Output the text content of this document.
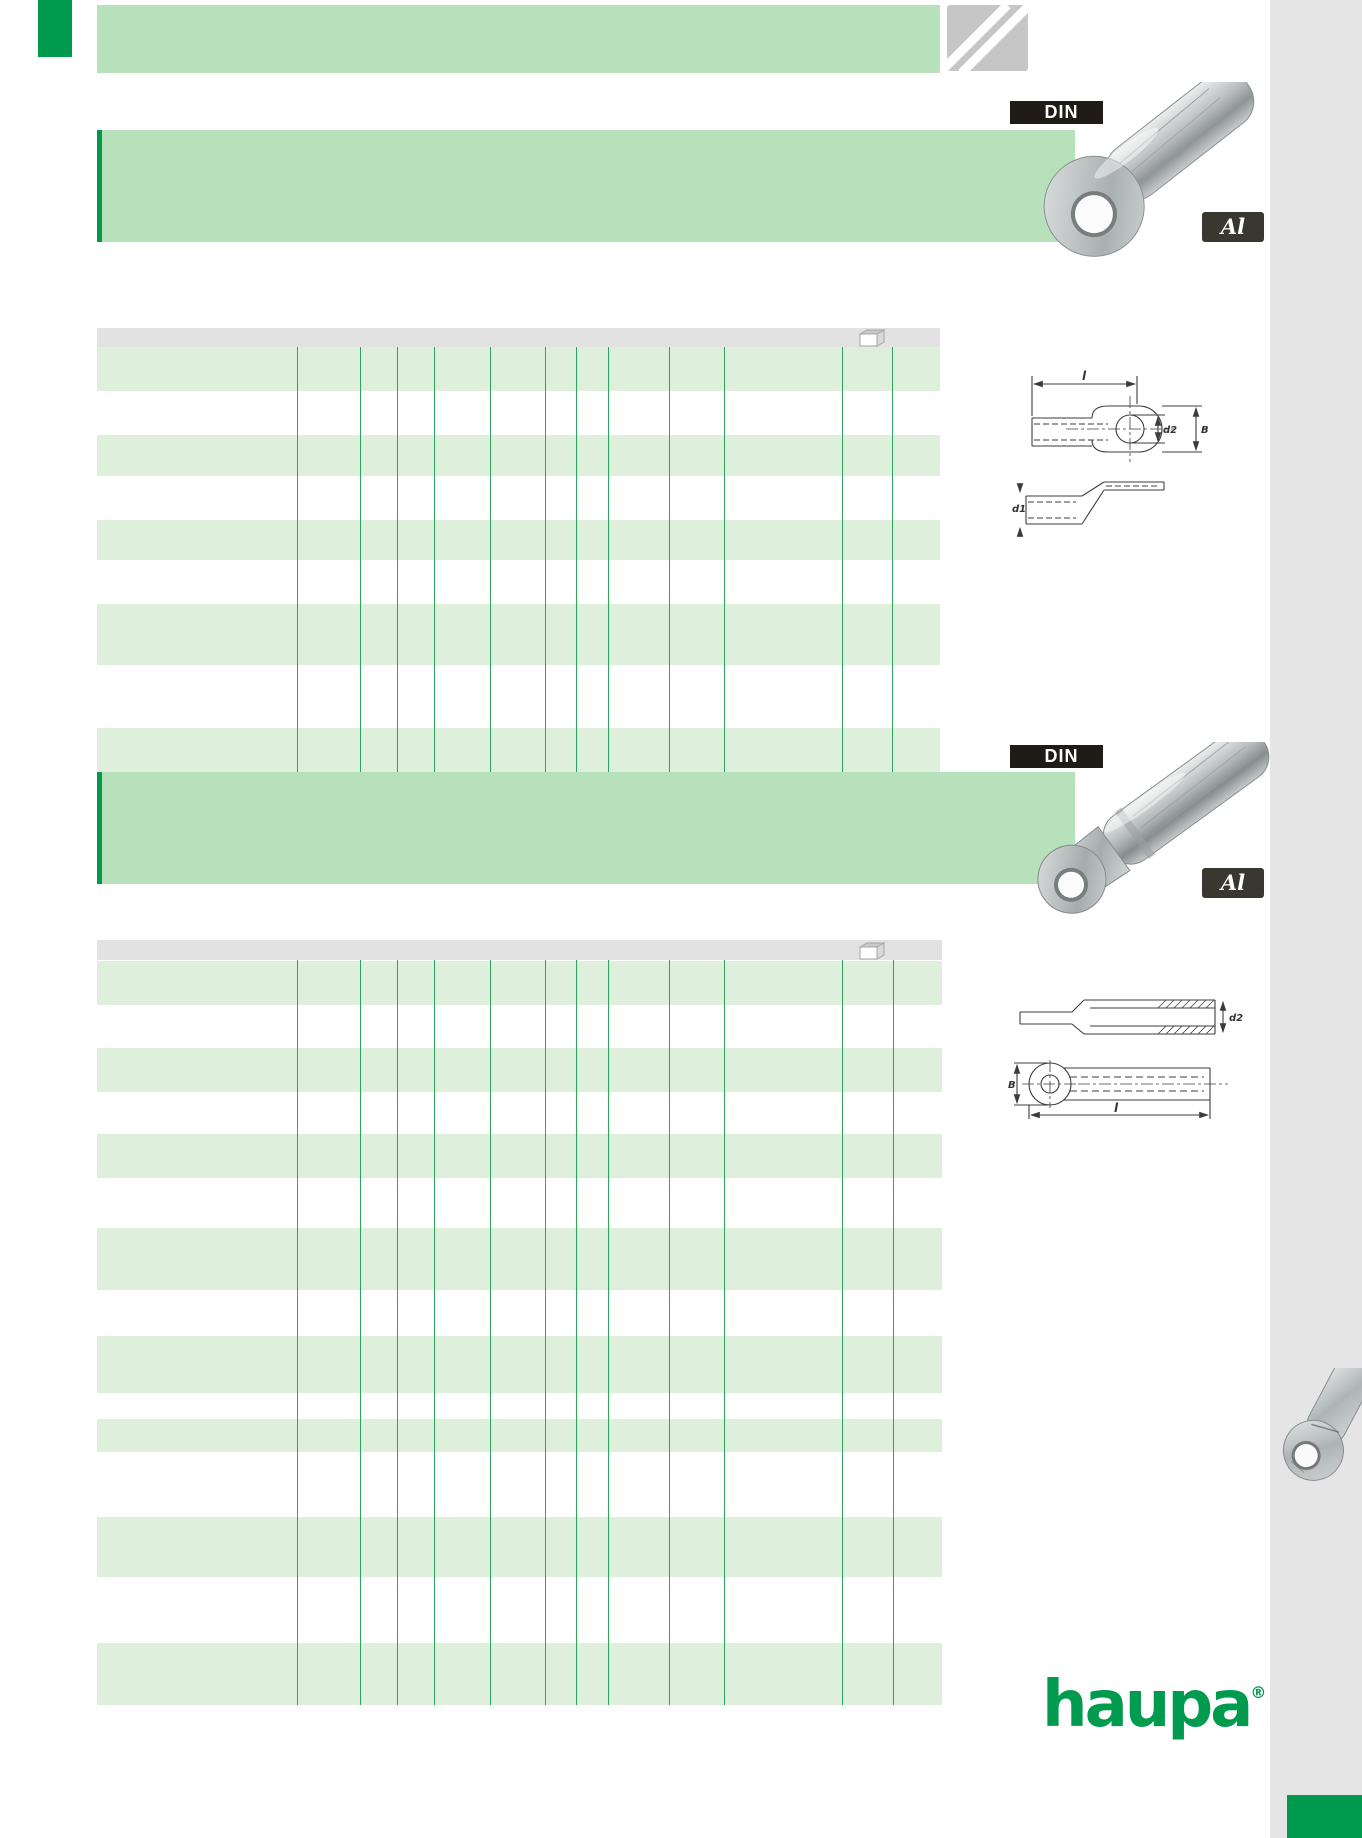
DIN
Al
l
d2 B
d1
DIN
Al
d2
B
l
haupa®
